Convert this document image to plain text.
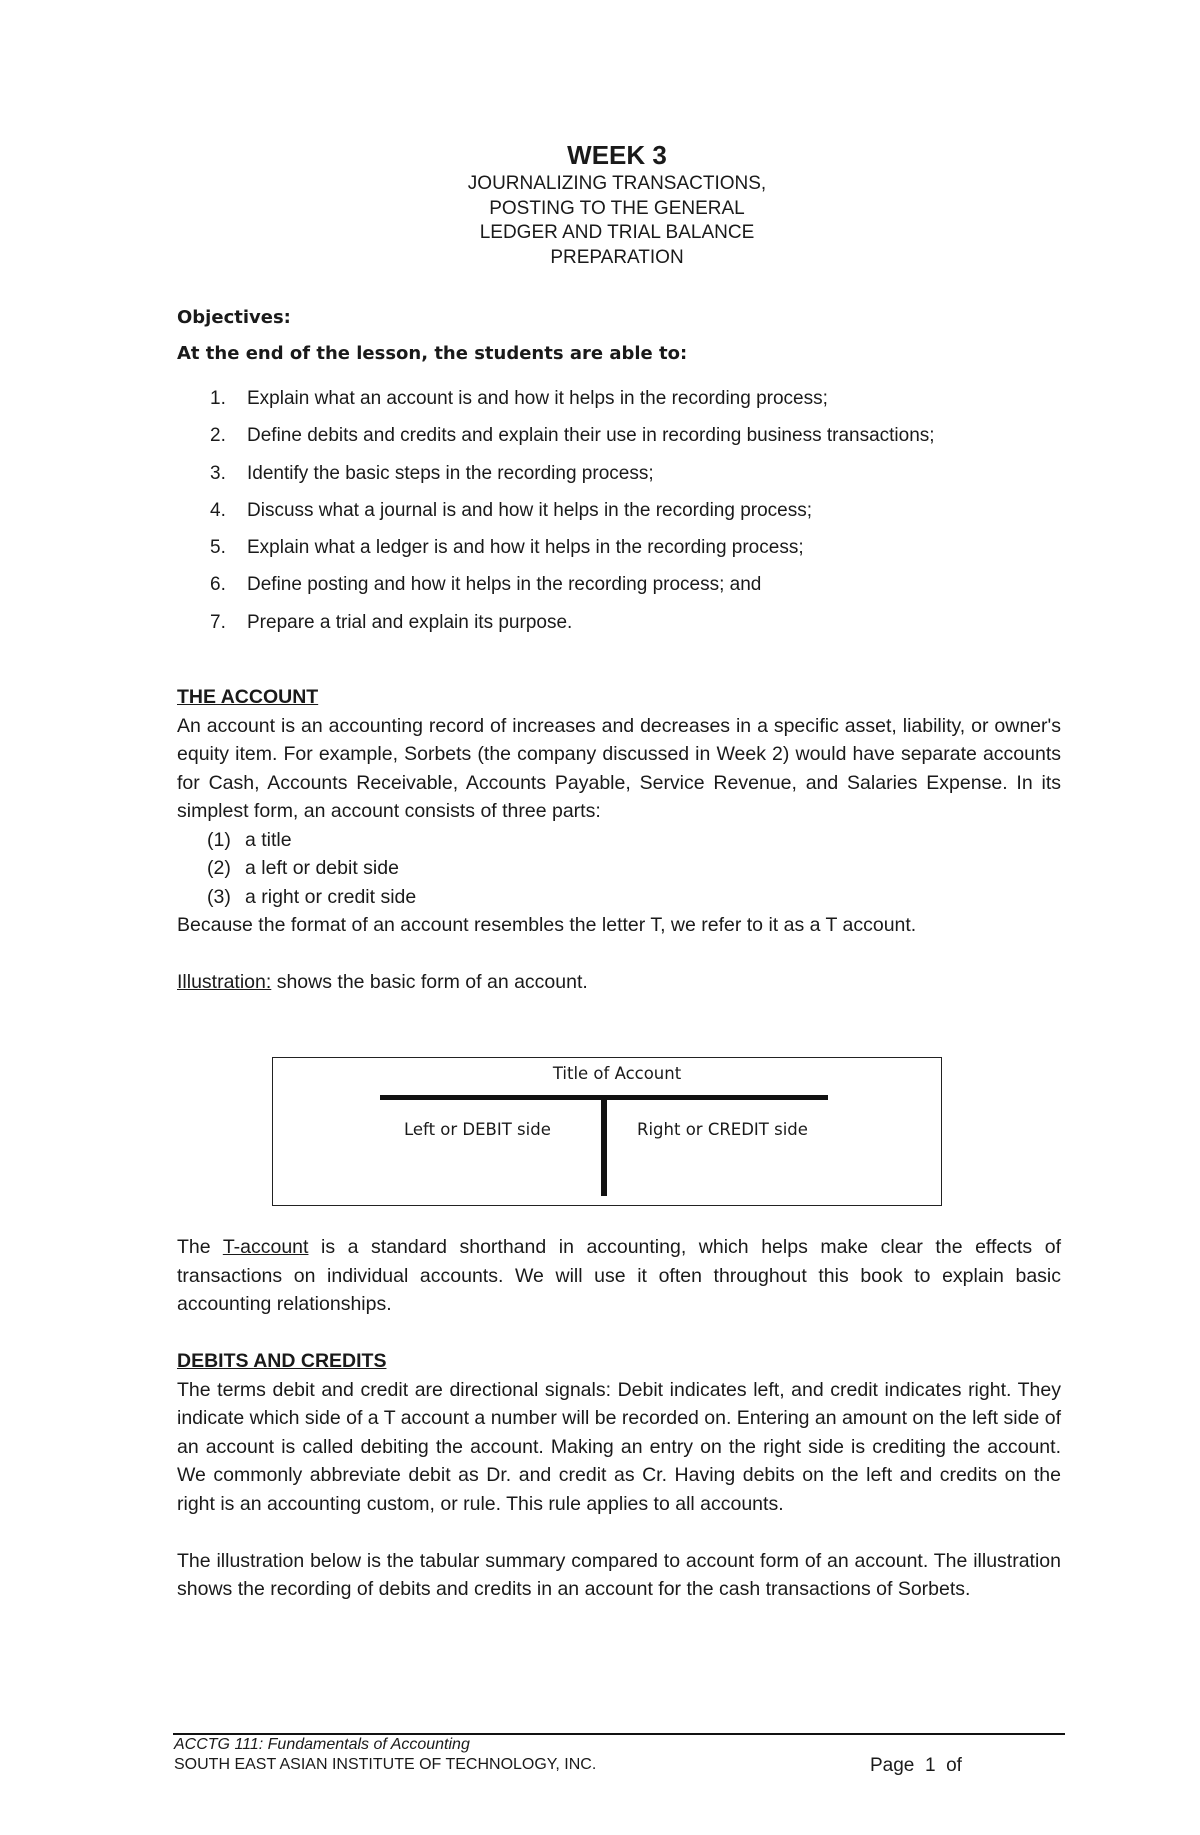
WEEK 3

JOURNALIZING TRANSACTIONS,

POSTING TO THE GENERAL

LEDGER AND TRIAL BALANCE

PREPARATION

Objectives:
At the end of the lesson, the students are able to:
1. Explain what an account is and how it helps in the recording process;
2. Define debits and credits and explain their use in recording business transactions;
3. Identify the basic steps in the recording process;
4. Discuss what a journal is and how it helps in the recording process;
5. Explain what a ledger is and how it helps in the recording process;
6. Define posting and how it helps in the recording process; and
7. Prepare a trial and explain its purpose.
THE ACCOUNT
An account is an accounting record of increases and decreases in a specific asset, liability, or owner's equity item. For example, Sorbets (the company discussed in Week 2) would have separate accounts for Cash, Accounts Receivable, Accounts Payable, Service Revenue, and Salaries Expense. In its simplest form, an account consists of three parts:
(1) a title
(2) a left or debit side
(3) a right or credit side
Because the format of an account resembles the letter T, we refer to it as a T account.
Illustration: shows the basic form of an account.
Title of Account
Left or DEBIT side	Right or CREDIT side
The T-account is a standard shorthand in accounting, which helps make clear the effects of transactions on individual accounts. We will use it often throughout this book to explain basic accounting relationships.
DEBITS AND CREDITS
The terms debit and credit are directional signals: Debit indicates left, and credit indicates right. They indicate which side of a T account a number will be recorded on. Entering an amount on the left side of an account is called debiting the account. Making an entry on the right side is crediting the account. We commonly abbreviate debit as Dr. and credit as Cr. Having debits on the left and credits on the right is an accounting custom, or rule. This rule applies to all accounts.
The illustration below is the tabular summary compared to account form of an account. The illustration shows the recording of debits and credits in an account for the cash transactions of Sorbets.
ACCTG 111: Fundamentals of Accounting
SOUTH EAST ASIAN INSTITUTE OF TECHNOLOGY, INC.	Page 1 of
